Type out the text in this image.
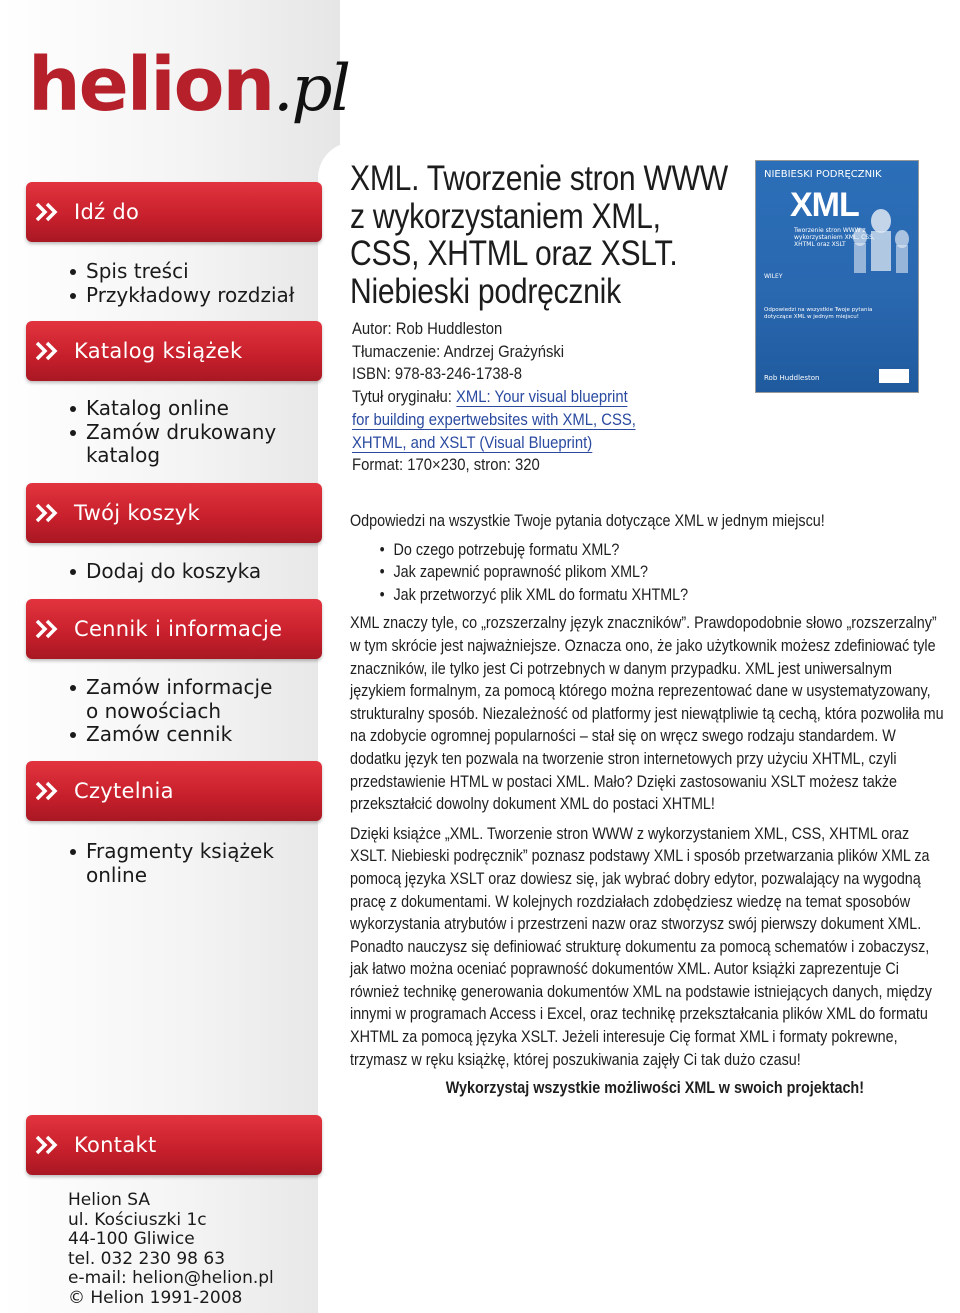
helion.pl
Idź do
Spis treści
Przykładowy rozdział
Katalog książek
Katalog online
Zamów drukowany katalog
Twój koszyk
Dodaj do koszyka
Cennik i informacje
Zamów informacje o nowościach
Zamów cennik
Czytelnia
Fragmenty książek online
Kontakt
Helion SA
ul. Kościuszki 1c
44-100 Gliwice
tel. 032 230 98 63
e-mail: helion@helion.pl
© Helion 1991-2008
XML. Tworzenie stron WWW
z wykorzystaniem XML,
CSS, XHTML oraz XSLT.
Niebieski podręcznik
Autor: Rob Huddleston
Tłumaczenie: Andrzej Grażyński
ISBN: 978-83-246-1738-8
Tytuł oryginału: XML: Your visual blueprint
for building expertwebsites with XML, CSS,
XHTML, and XSLT (Visual Blueprint)
Format: 170×230, stron: 320
NIEBIESKI PODRĘCZNIK
XML
Tworzenie stron WWW z wykorzystaniem XML, CSS, XHTML oraz XSLT
WILEY
Odpowiedzi na wszystkie Twoje pytania dotyczące XML w jednym miejscu!
Rob Huddleston

Odpowiedzi na wszystkie Twoje pytania dotyczące XML w jednym miejscu!

• Do czego potrzebuję formatu XML?
• Jak zapewnić poprawność plikom XML?
• Jak przetworzyć plik XML do formatu XHTML?

XML znaczy tyle, co „rozszerzalny język znaczników”. Prawdopodobnie słowo „rozszerzalny” w tym skrócie jest najważniejsze. Oznacza ono, że jako użytkownik możesz zdefiniować tyle znaczników, ile tylko jest Ci potrzebnych w danym przypadku. XML jest uniwersalnym językiem formalnym, za pomocą którego można reprezentować dane w usystematyzowany, strukturalny sposób. Niezależność od platformy jest niewątpliwie tą cechą, która pozwoliła mu na zdobycie ogromnej popularności – stał się on wręcz swego rodzaju standardem. W dodatku język ten pozwala na tworzenie stron internetowych przy użyciu XHTML, czyli przedstawienie HTML w postaci XML. Mało? Dzięki zastosowaniu XSLT możesz także przekształcić dowolny dokument XML do postaci XHTML!

Dzięki książce „XML. Tworzenie stron WWW z wykorzystaniem XML, CSS, XHTML oraz XSLT. Niebieski podręcznik” poznasz podstawy XML i sposób przetwarzania plików XML za pomocą języka XSLT oraz dowiesz się, jak wybrać dobry edytor, pozwalający na wygodną pracę z dokumentami. W kolejnych rozdziałach zdobędziesz wiedzę na temat sposobów wykorzystania atrybutów i przestrzeni nazw oraz stworzysz swój pierwszy dokument XML. Ponadto nauczysz się definiować strukturę dokumentu za pomocą schematów i zobaczysz, jak łatwo można oceniać poprawność dokumentów XML. Autor książki zaprezentuje Ci również technikę generowania dokumentów XML na podstawie istniejących danych, między innymi w programach Access i Excel, oraz technikę przekształcania plików XML do formatu XHTML za pomocą języka XSLT. Jeżeli interesuje Cię format XML i formaty pokrewne, trzymasz w ręku książkę, której poszukiwania zajęły Ci tak dużo czasu!

Wykorzystaj wszystkie możliwości XML w swoich projektach!
